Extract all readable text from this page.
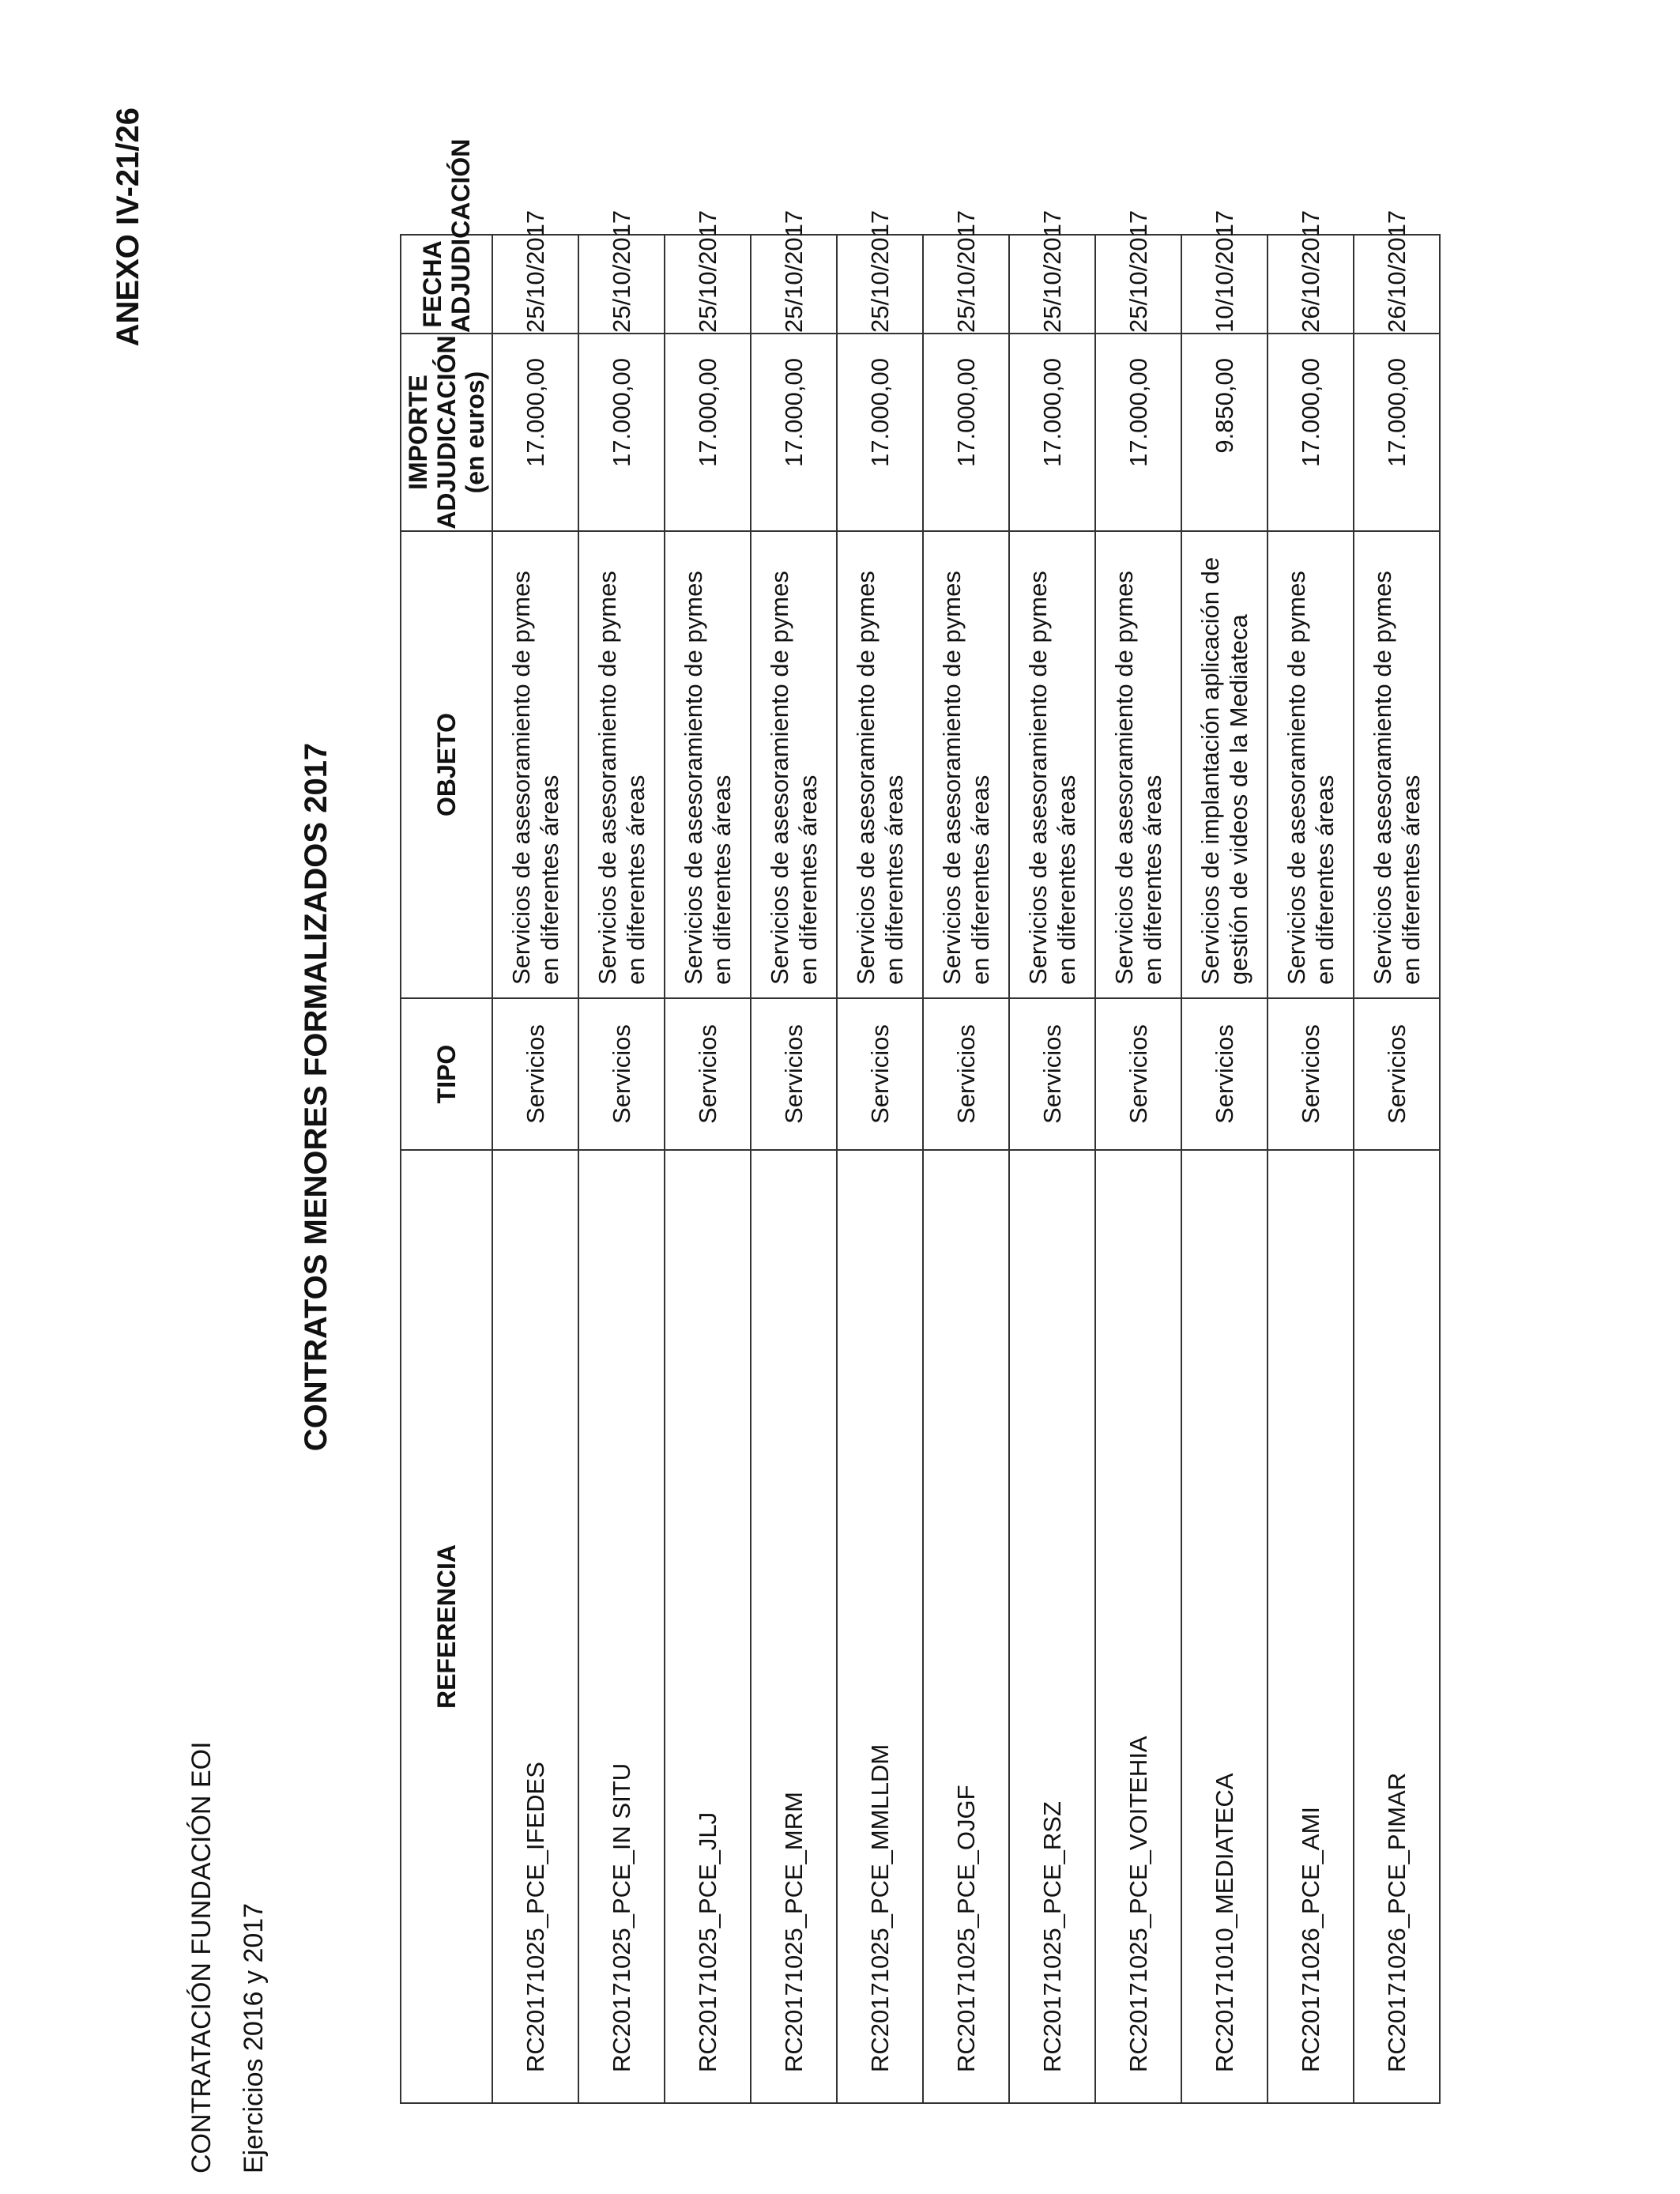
CONTRATACIÓN FUNDACIÓN EOI Ejercicios 2016 y 2017
ANEXO IV-21/26
CONTRATOS MENORES FORMALIZADOS 2017
REFERENCIA	TIPO	OBJETO	IMPORTE ADJUDICACIÓN (en euros)	FECHA ADJUDICACIÓN

RC20171025_PCE_IFEDES	Servicios	Servicios de asesoramiento de pymes en diferentes áreas	17.000,00	25/10/2017
RC20171025_PCE_IN SITU	Servicios	Servicios de asesoramiento de pymes en diferentes áreas	17.000,00	25/10/2017
RC20171025_PCE_JLJ	Servicios	Servicios de asesoramiento de pymes en diferentes áreas	17.000,00	25/10/2017
RC20171025_PCE_MRM	Servicios	Servicios de asesoramiento de pymes en diferentes áreas	17.000,00	25/10/2017
RC20171025_PCE_MMLLDM	Servicios	Servicios de asesoramiento de pymes en diferentes áreas	17.000,00	25/10/2017
RC20171025_PCE_OJGF	Servicios	Servicios de asesoramiento de pymes en diferentes áreas	17.000,00	25/10/2017
RC20171025_PCE_RSZ	Servicios	Servicios de asesoramiento de pymes en diferentes áreas	17.000,00	25/10/2017
RC20171025_PCE_VOITEHIA	Servicios	Servicios de asesoramiento de pymes en diferentes áreas	17.000,00	25/10/2017
RC20171010_MEDIATECA	Servicios	Servicios de implantación aplicación de gestión de videos de la Mediateca	9.850,00	10/10/2017
RC20171026_PCE_AMI	Servicios	Servicios de asesoramiento de pymes en diferentes áreas	17.000,00	26/10/2017
RC20171026_PCE_PIMAR	Servicios	Servicios de asesoramiento de pymes en diferentes áreas	17.000,00	26/10/2017
